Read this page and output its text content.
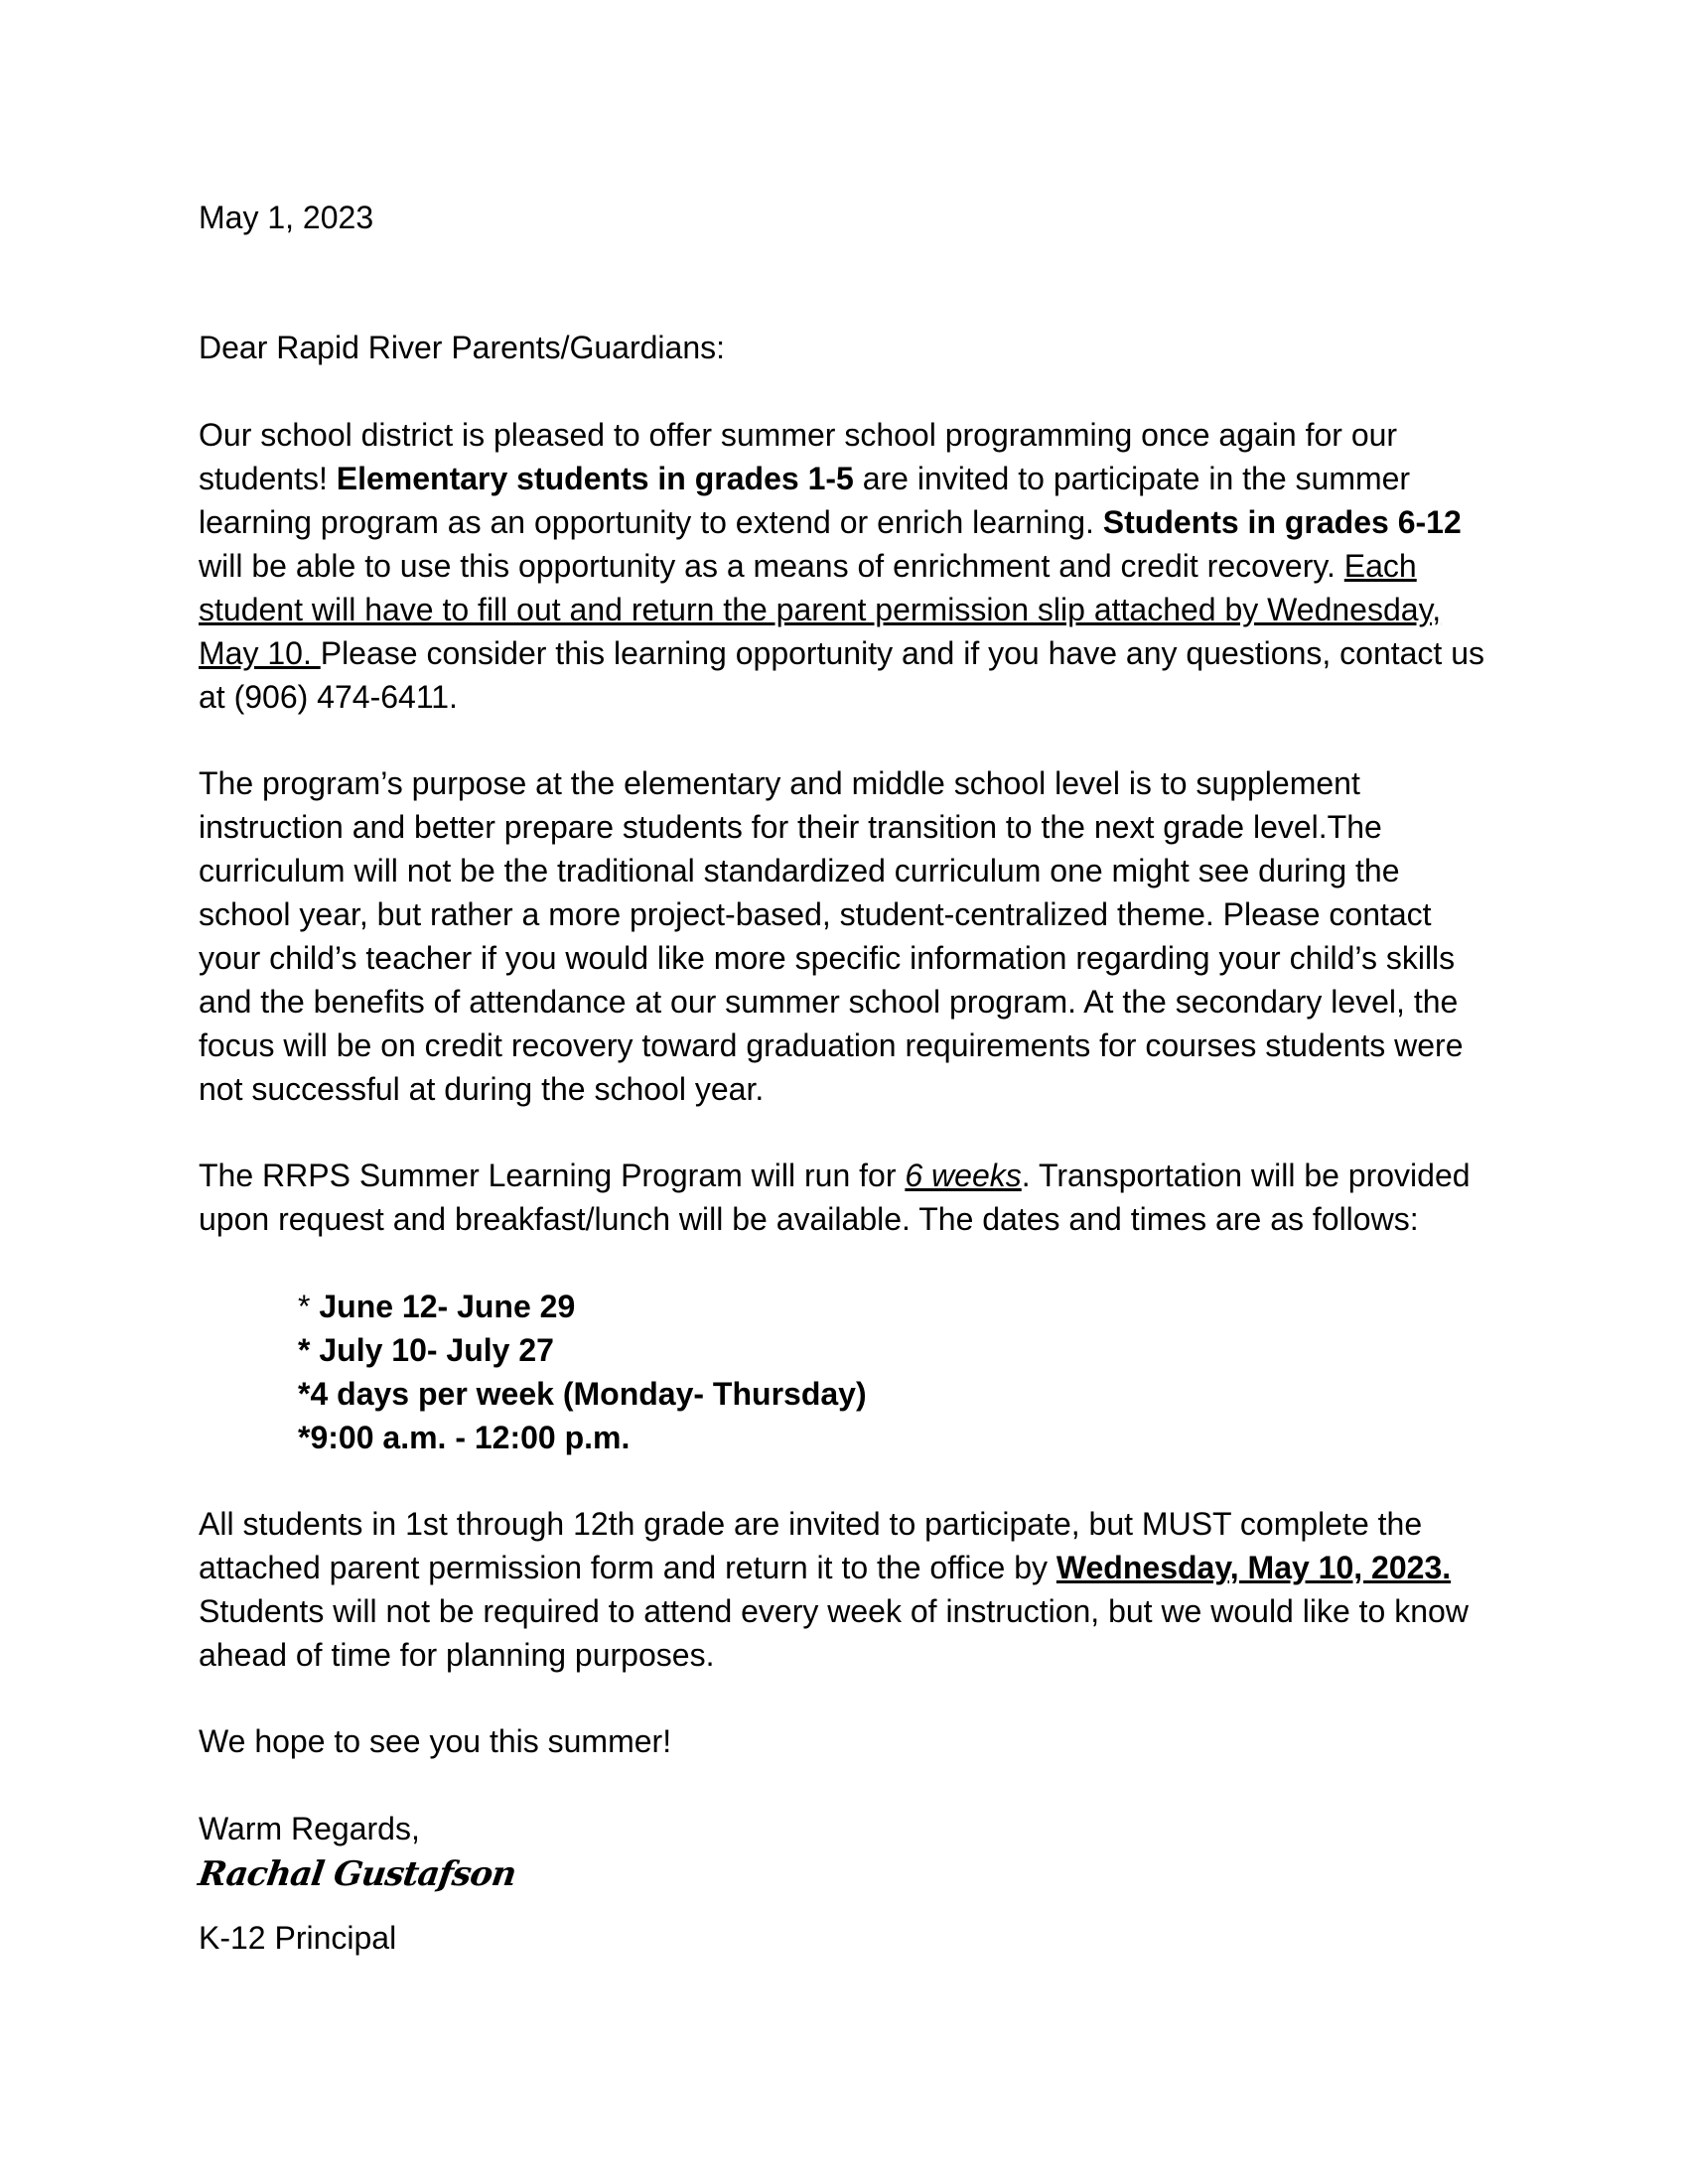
May 1, 2023
Dear Rapid River Parents/Guardians:
Our school district is pleased to offer summer school programming once again for our students! Elementary students in grades 1-5 are invited to participate in the summer learning program as an opportunity to extend or enrich learning. Students in grades 6-12 will be able to use this opportunity as a means of enrichment and credit recovery. Each student will have to fill out and return the parent permission slip attached by Wednesday, May 10. Please consider this learning opportunity and if you have any questions, contact us at (906) 474-6411.
The program’s purpose at the elementary and middle school level is to supplement instruction and better prepare students for their transition to the next grade level.The curriculum will not be the traditional standardized curriculum one might see during the school year, but rather a more project-based, student-centralized theme. Please contact your child’s teacher if you would like more specific information regarding your child’s skills and the benefits of attendance at our summer school program. At the secondary level, the focus will be on credit recovery toward graduation requirements for courses students were not successful at during the school year.
The RRPS Summer Learning Program will run for 6 weeks. Transportation will be provided upon request and breakfast/lunch will be available. The dates and times are as follows:
* June 12- June 29
* July 10- July 27
*4 days per week (Monday- Thursday)
*9:00 a.m. - 12:00 p.m.
All students in 1st through 12th grade are invited to participate, but MUST complete the attached parent permission form and return it to the office by Wednesday, May 10, 2023. Students will not be required to attend every week of instruction, but we would like to know ahead of time for planning purposes.
We hope to see you this summer!
Warm Regards,
Rachal Gustafson
K-12 Principal
